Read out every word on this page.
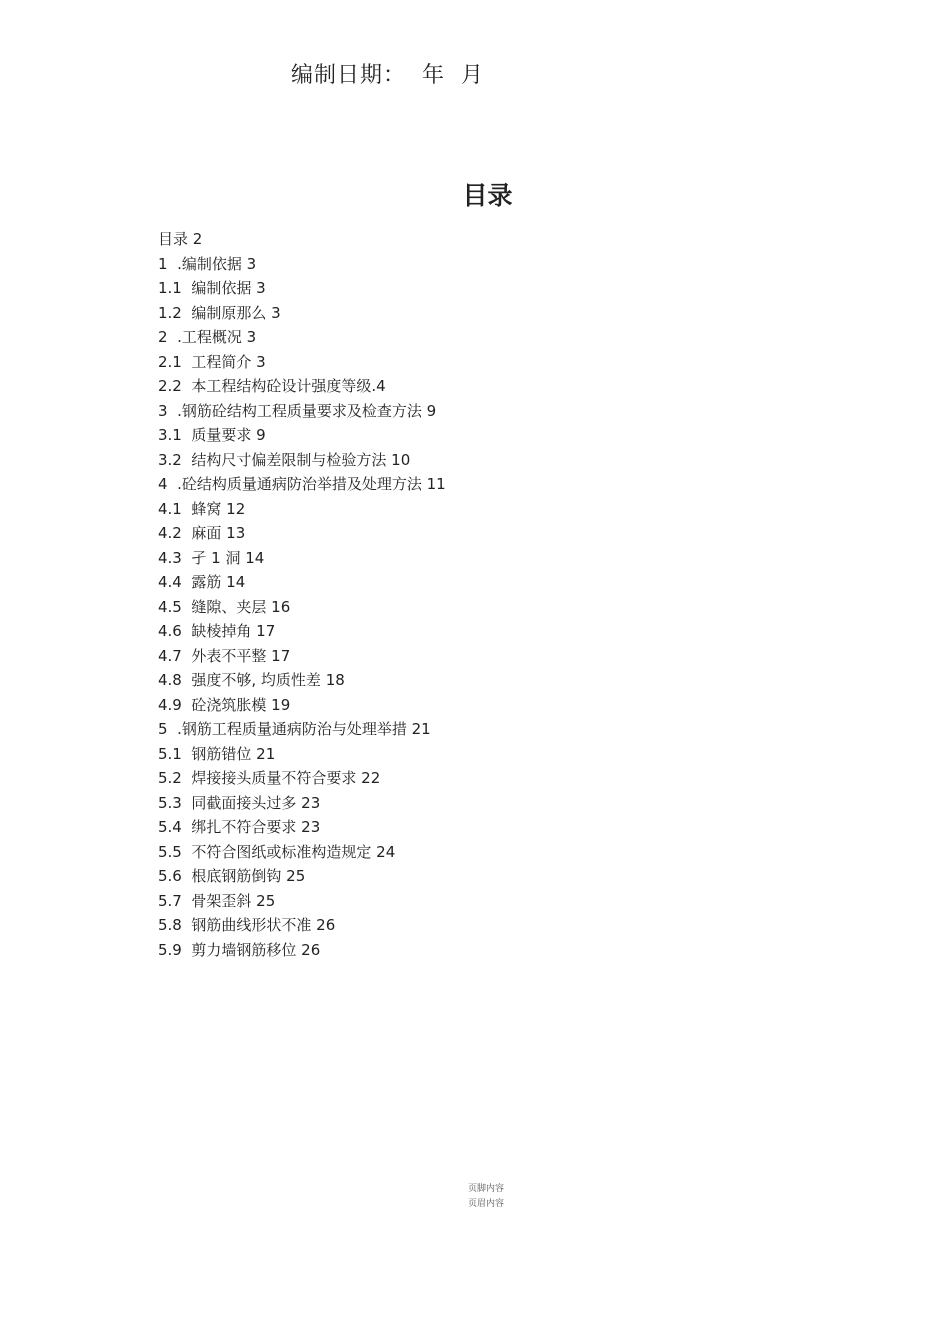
编制日期：  年  月
目录
目录 2
1  .编制依据 3
1.1  编制依据 3
1.2  编制原那么 3
2  .工程概况 3
2.1  工程简介 3
2.2  本工程结构砼设计强度等级.4
3  .钢筋砼结构工程质量要求及检查方法 9
3.1  质量要求 9
3.2  结构尺寸偏差限制与检验方法 10
4  .砼结构质量通病防治举措及处理方法 11
4.1  蜂窝 12
4.2  麻面 13
4.3  孑 1 洞 14
4.4  露筋 14
4.5  缝隙、夹层 16
4.6  缺棱掉角 17
4.7  外表不平整 17
4.8  强度不够, 均质性差 18
4.9  砼浇筑胀模 19
5  .钢筋工程质量通病防治与处理举措 21
5.1  钢筋错位 21
5.2  焊接接头质量不符合要求 22
5.3  同截面接头过多 23
5.4  绑扎不符合要求 23
5.5  不符合图纸或标准构造规定 24
5.6  根底钢筋倒钩 25
5.7  骨架歪斜 25
5.8  钢筋曲线形状不准 26
5.9  剪力墙钢筋移位 26
页脚内容
页眉内容
